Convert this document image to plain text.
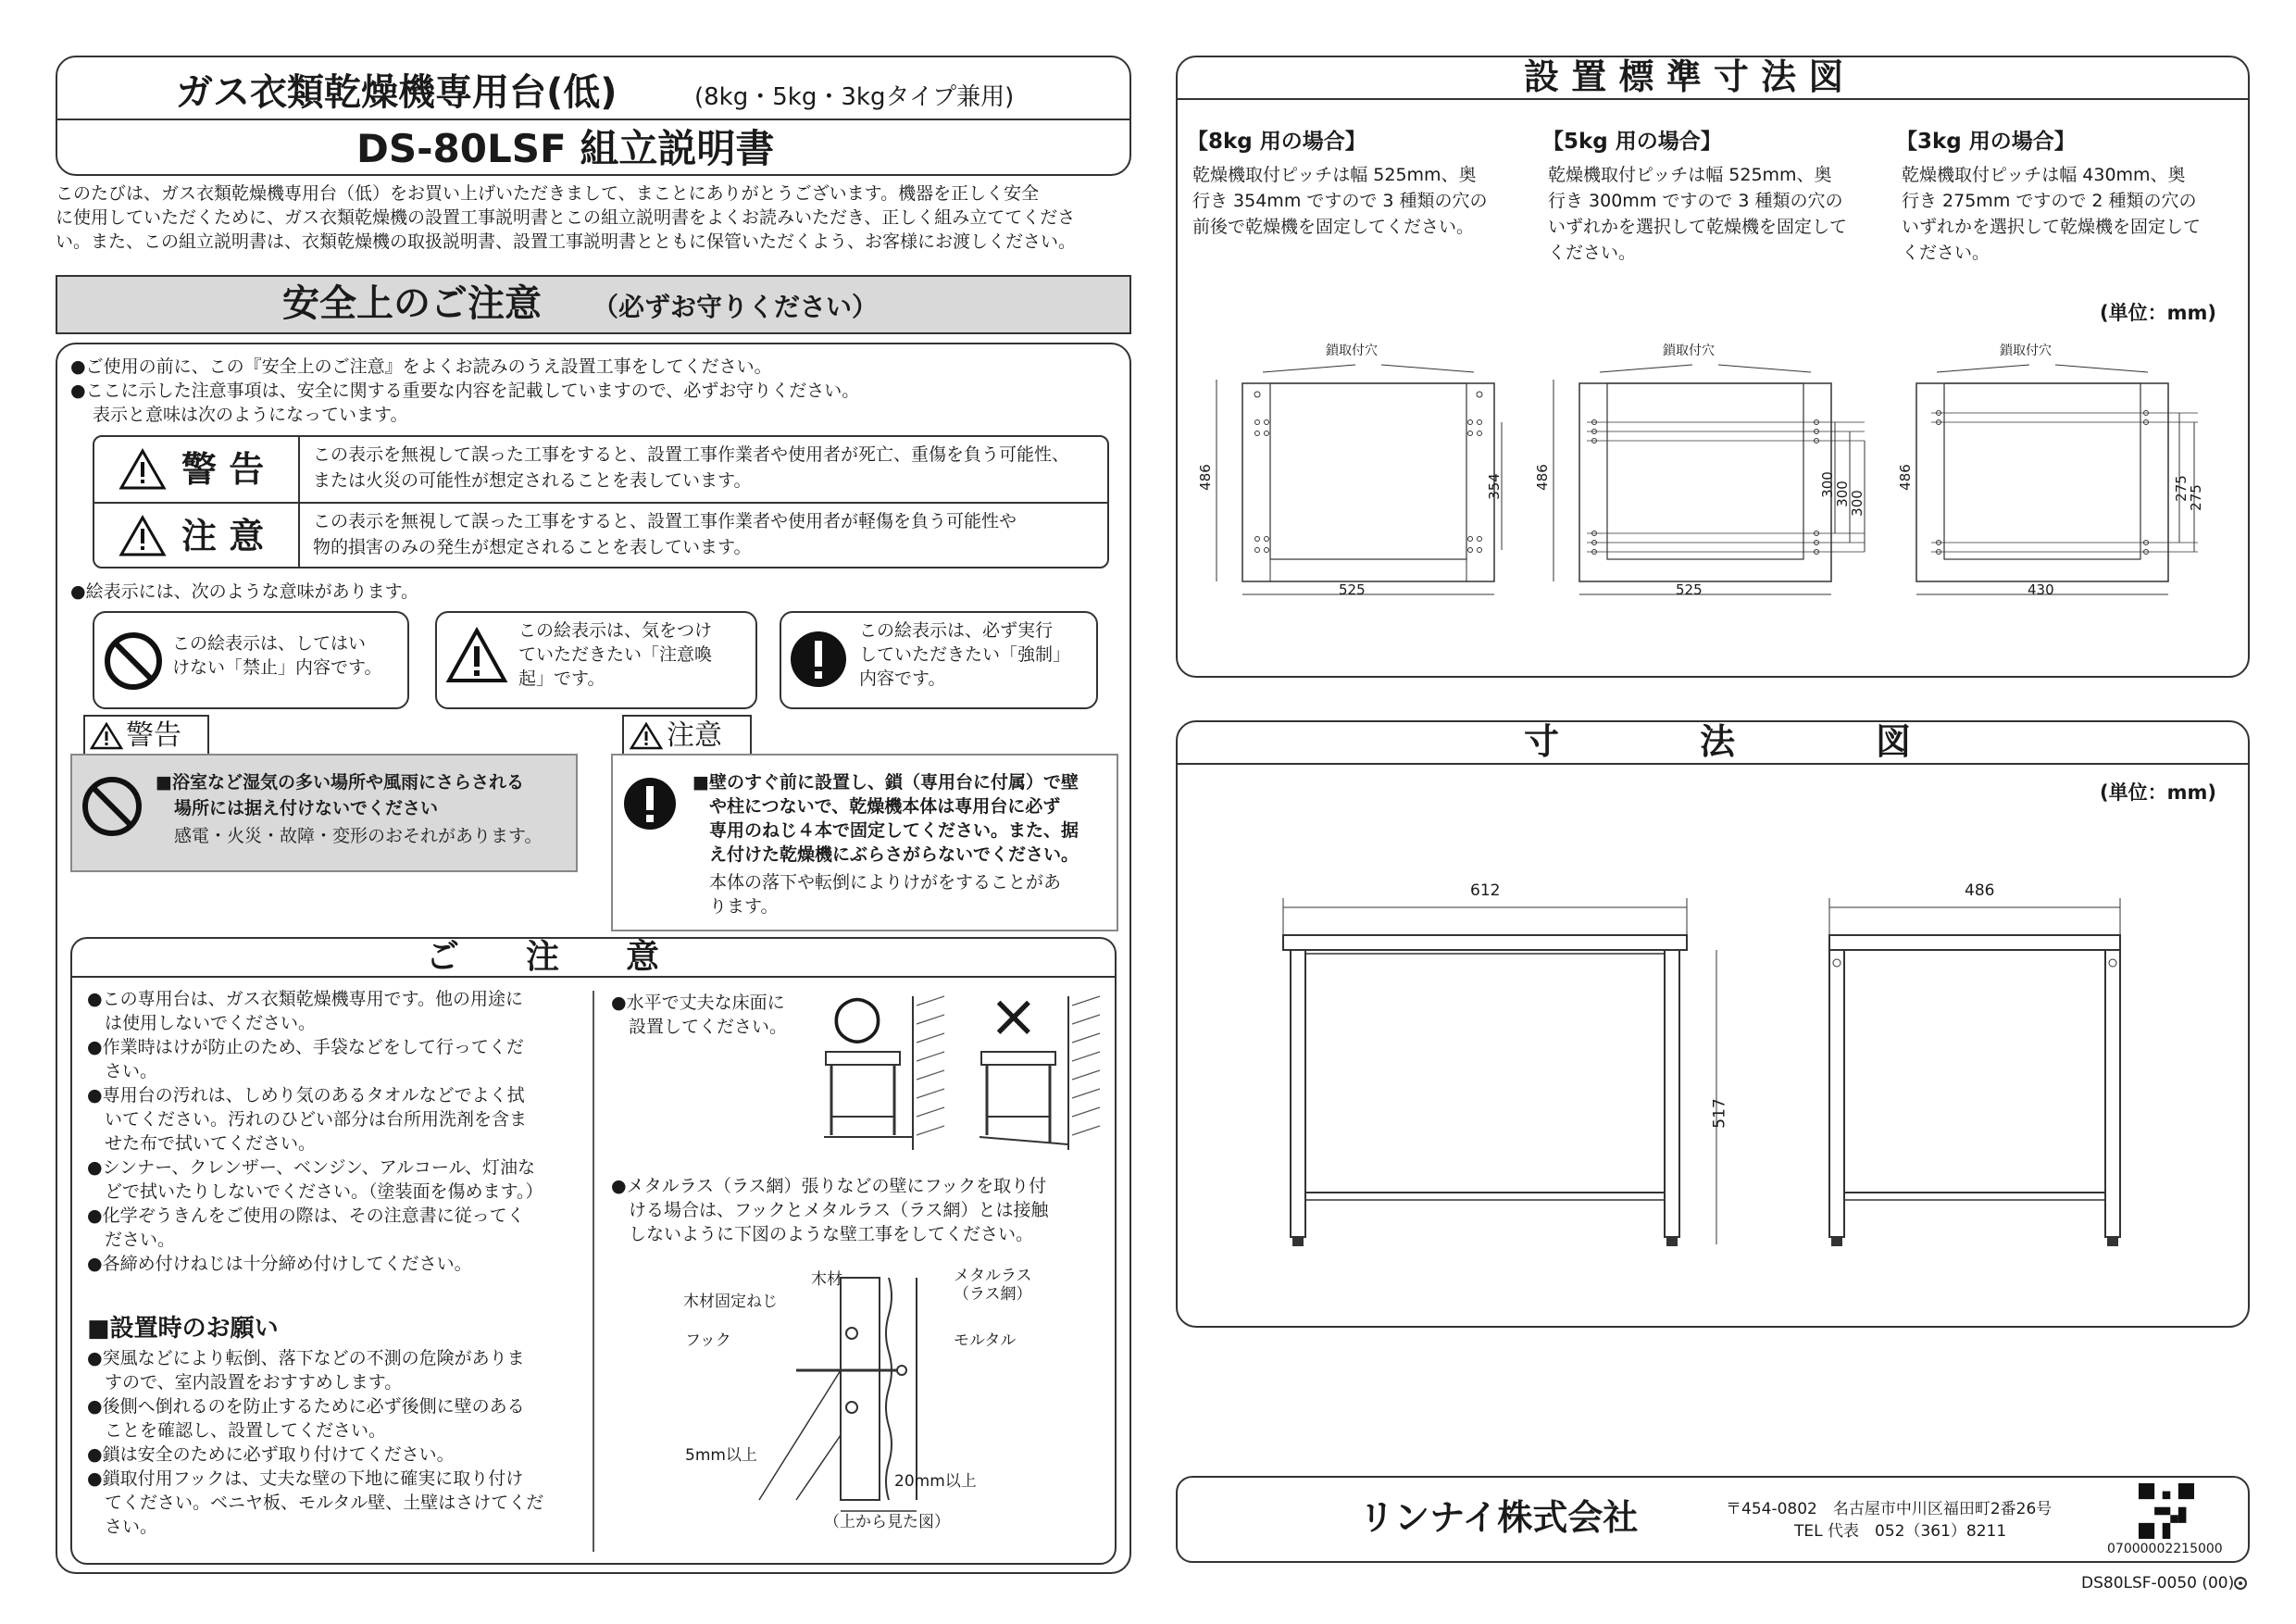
ガス衣類乾燥機専用台(低)	(8kg・5kg・3kgタイプ兼用)
DS-80LSF 組立説明書
このたびは、ガス衣類乾燥機専用台（低）をお買い上げいただきまして、まことにありがとうございます。機器を正しく安全
に使用していただくために、ガス衣類乾燥機の設置工事説明書とこの組立説明書をよくお読みいただき、正しく組み立ててくださ
い。また、この組立説明書は、衣類乾燥機の取扱説明書、設置工事説明書とともに保管いただくよう、お客様にお渡しください。
安全上のご注意 （必ずお守りください）
●ご使用の前に、この『安全上のご注意』をよくお読みのうえ設置工事をしてください。
●ここに示した注意事項は、安全に関する重要な内容を記載していますので、必ずお守りください。
表示と意味は次のようになっています。
警 告	この表示を無視して誤った工事をすると、設置工事作業者や使用者が死亡、重傷を負う可能性、
または火災の可能性が想定されることを表しています。
注 意	この表示を無視して誤った工事をすると、設置工事作業者や使用者が軽傷を負う可能性や
物的損害のみの発生が想定されることを表しています。
●絵表示には、次のような意味があります。
この絵表示は、してはい
けない「禁止」内容です。
この絵表示は、気をつけ
ていただきたい「注意喚
起」です。
この絵表示は、必ず実行
していただきたい「強制」
内容です。
警告
■浴室など湿気の多い場所や風雨にさらされる
場所には据え付けないでください
感電・火災・故障・変形のおそれがあります。
注意
■壁のすぐ前に設置し、鎖（専用台に付属）で壁
や柱につないで、乾燥機本体は専用台に必ず
専用のねじ４本で固定してください。また、据
え付けた乾燥機にぶらさがらないでください。
本体の落下や転倒によりけがをすることがあ
ります。
ご　　注　　意
●この専用台は、ガス衣類乾燥機専用です。他の用途に
　は使用しないでください。
●作業時はけが防止のため、手袋などをして行ってくだ
　さい。
●専用台の汚れは、しめり気のあるタオルなどでよく拭
　いてください。汚れのひどい部分は台所用洗剤を含ま
　せた布で拭いてください。
●シンナー、クレンザー、ベンジン、アルコール、灯油な
　どで拭いたりしないでください。（塗装面を傷めます。）
●化学ぞうきんをご使用の際は、その注意書に従ってく
　ださい。
●各締め付けねじは十分締め付けしてください。
■設置時のお願い
●突風などにより転倒、落下などの不測の危険がありま
　すので、室内設置をおすすめします。
●後側へ倒れるのを防止するために必ず後側に壁のある
　ことを確認し、設置してください。
●鎖は安全のために必ず取り付けてください。
●鎖取付用フックは、丈夫な壁の下地に確実に取り付け
　てください。ベニヤ板、モルタル壁、土壁はさけてくだ
　さい。
●水平で丈夫な床面に
　設置してください。 ○ ×
●メタルラス（ラス網）張りなどの壁にフックを取り付
　ける場合は、フックとメタルラス（ラス網）とは接触
　しないように下図のような壁工事をしてください。
木材
木材固定ねじ
メタルラス
（ラス網）
フック	モルタル
5mm以上
20mm以上
（上から見た図）
設 置 標 準 寸 法 図
【8kg 用の場合】
乾燥機取付ピッチは幅 525mm、奥
行き 354mm ですので 3 種類の穴の
前後で乾燥機を固定してください。
【5kg 用の場合】
乾燥機取付ピッチは幅 525mm、奥
行き 300mm ですので 3 種類の穴の
いずれかを選択して乾燥機を固定して
ください。
【3kg 用の場合】
乾燥機取付ピッチは幅 430mm、奥
行き 275mm ですので 2 種類の穴の
いずれかを選択して乾燥機を固定して
ください。
(単位：mm)
鎖取付穴
486	354
525
鎖取付穴
486	300
300
300
525
鎖取付穴
486	275
275
430
寸　　　　法　　　　図
(単位：mm)
612
517
486
リンナイ株式会社	〒454-0802　名古屋市中川区福田町2番26号
TEL 代表　052（361）8211
07000002215000
DS80LSF-0050 (00)
